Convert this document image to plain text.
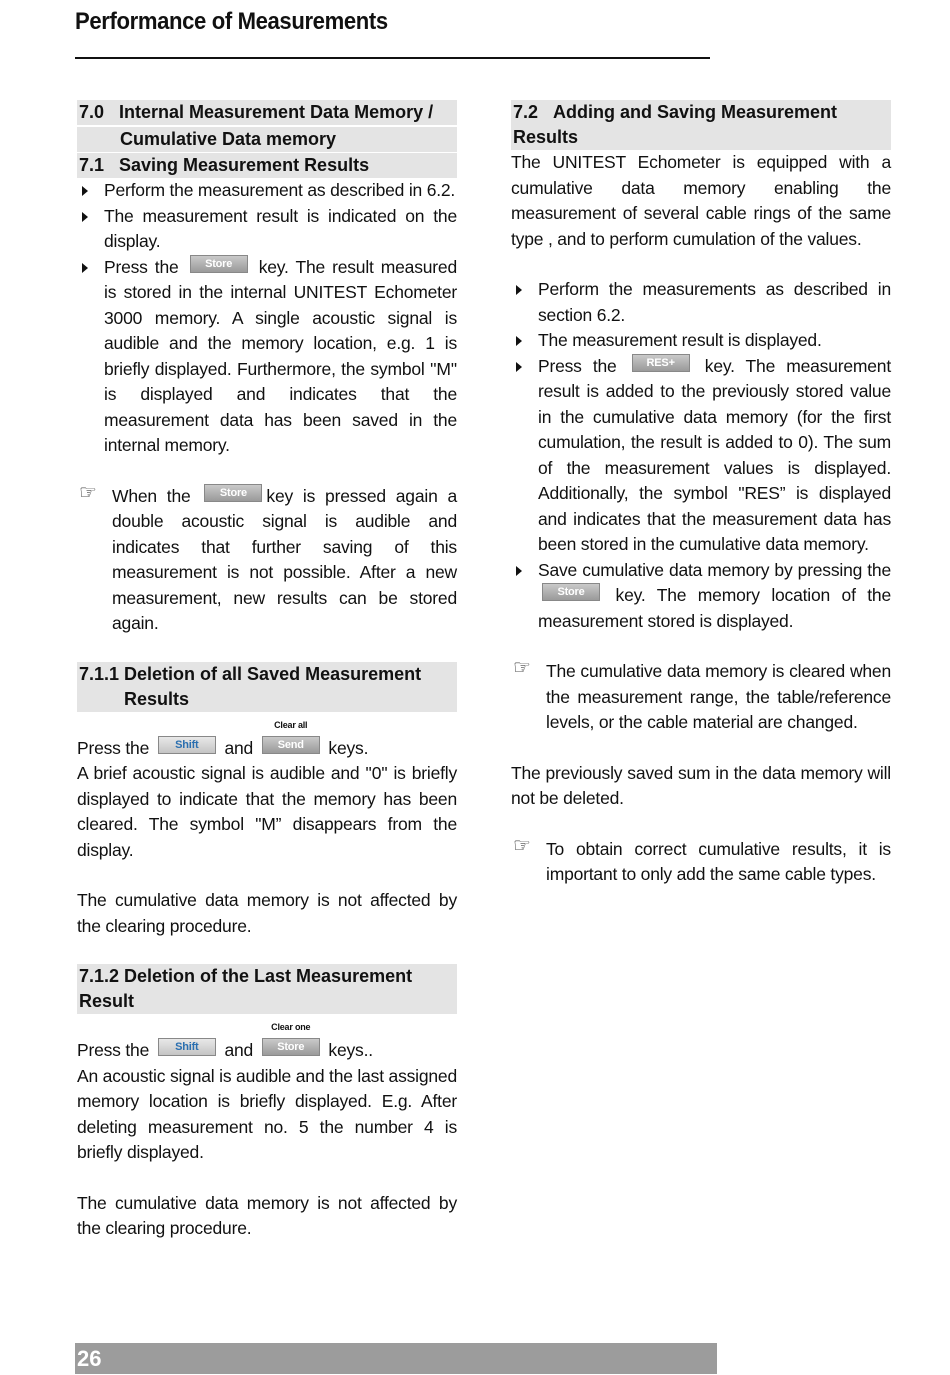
Performance of Measurements
7.0 Internal Measurement Data Memory /
Cumulative Data memory
7.1 Saving Measurement Results
Perform the measurement as described in 6.2.
The measurement result is indicated on the display.
Press the Store key. The result measured is stored in the internal UNITEST Echometer 3000 memory. A single acoustic signal is audible and the memory location, e.g. 1 is briefly displayed. Furthermore, the symbol ''M'' is displayed and indicates that the measurement data has been saved in the internal memory.
☞ When the	Store key is pressed again a double acoustic signal is audible and indicates that further saving of this measurement is not possible. After a new measurement, new results can be stored again.
7.1.1 Deletion of all Saved Measurement
Results
Press the Shift and
Clear all
Send keys.
A brief acoustic signal is audible and ''0'' is briefly displayed to indicate that the memory has been cleared. The symbol "M” disappears from the display.
The cumulative data memory is not affected by the clearing procedure.
7.1.2 Deletion of the Last Measurement Result
Press the Shift and
Clear one
Store keys..
An acoustic signal is audible and the last assigned memory location is briefly displayed. E.g. After deleting measurement no. 5 the number 4 is briefly displayed.
The cumulative data memory is not affected by the clearing procedure.
7.2 Adding and Saving Measurement Results
The UNITEST Echometer is equipped with a cumulative data memory enabling the measurement of several cable rings of the same type , and to perform cumulation of the values.
Perform the measurements as described in section 6.2.
The measurement result is displayed.
Press the	RES+ key. The measurement result is added to the previously stored value in the cumulative data memory (for the first cumulation, the result is added to 0). The sum of the measurement values is displayed. Additionally, the symbol "RES” is displayed and indicates that the measurement data has been stored in the cumulative data memory.
Save cumulative data memory by pressing the Store key. The memory location of the measurement stored is displayed.
☞ The cumulative data memory is cleared when the measurement range, the table/reference levels, or the cable material are changed.
The previously saved sum in the data memory will not be deleted.
☞ To obtain correct cumulative results, it is important to only add the same cable types.
26
